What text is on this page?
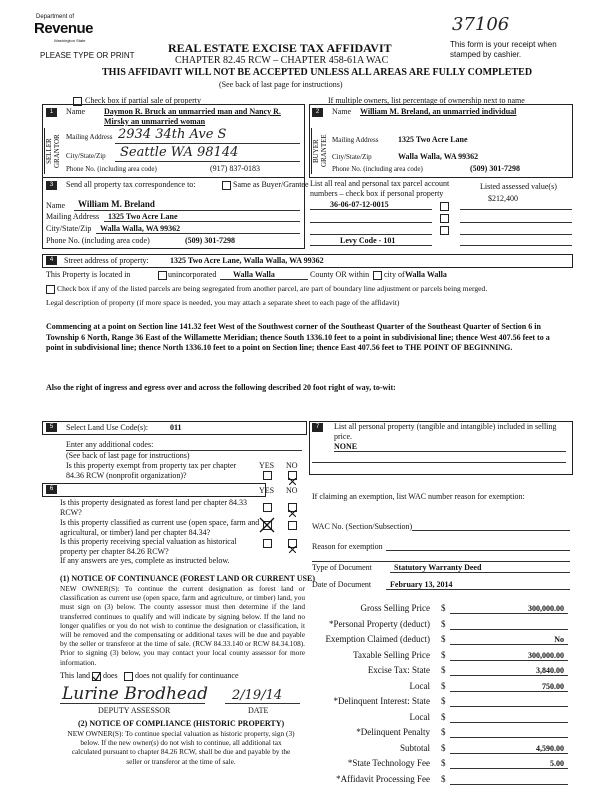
Department of
Revenue
Washington State
PLEASE TYPE OR PRINT
REAL ESTATE EXCISE TAX AFFIDAVIT
CHAPTER 82.45 RCW – CHAPTER 458-61A WAC
THIS AFFIDAVIT WILL NOT BE ACCEPTED UNLESS ALL AREAS ARE FULLY COMPLETED
(See back of last page for instructions)
This form is your receipt when stamped by cashier.
37106
Check box if partial sale of property	If multiple owners, list percentage of ownership next to name
1
SELLER GRANTOR
Name Daymon R. Bruck an unmarried man and Nancy R. Mirsky an unmarried woman
Mailing Address 2934 34th Ave S
City/State/Zip Seattle WA 98144
Phone No. (including area code)	(917) 837-0183
2
BUYER GRANTEE
Name William M. Breland, an unmarried individual
Mailing Address 1325 Two Acre Lane
City/State/Zip	Walla Walla, WA 99362
Phone No. (including area code)	(509) 301-7298
3	Send all property tax correspondence to:	Same as Buyer/Grantee
Name William M. Breland
Mailing Address 1325 Two Acre Lane
City/State/Zip Walla Walla, WA 99362
Phone No. (including area code)	(509) 301-7298
List all real and personal tax parcel account numbers – check box if personal property
Listed assessed value(s)
36-06-07-12-0015
$212,400
Levy Code - 101
4	Street address of property:	1325 Two Acre Lane, Walla Walla, WA 99362
This Property is located in	unincorporated Walla Walla	County OR within city of Walla Walla
Check box if any of the listed parcels are being segregated from another parcel, are part of boundary line adjustment or parcels being merged.
Legal description of property (if more space is needed, you may attach a separate sheet to each page of the affidavit)
Commencing at a point on Section line 141.32 feet West of the Southwest corner of the Southeast Quarter of the Southeast Quarter of Section 6 in Township 6 North, Range 36 East of the Willamette Meridian; thence South 1336.10 feet to a point in subdivisional line; thence West 407.56 feet to a point in subdivisional line; thence North 1336.10 feet to a point on Section line; thence East 407.56 feet to THE POINT OF BEGINNING.
Also the right of ingress and egress over and across the following described 20 foot right of way, to-wit:
5	Select Land Use Code(s):	011
Enter any additional codes:
(See back of last page for instructions)
Is this property exempt from property tax per chapter 84.36 RCW (nonprofit organization)?
YES NO
6	YES NO
Is this property designated as forest land per chapter 84.33 RCW?
Is this property classified as current use (open space, farm and agricultural, or timber) land per chapter 84.34?
Is this property receiving special valuation as historical property per chapter 84.26 RCW?
If any answers are yes, complete as instructed below.
(1) NOTICE OF CONTINUANCE (FOREST LAND OR CURRENT USE)
NEW OWNER(S): To continue the current designation as forest land or classification as current use (open space, farm and agriculture, or timber) land, you must sign on (3) below. The county assessor must then determine if the land transferred continues to qualify and will indicate by signing below. If the land no longer qualifies or you do not wish to continue the designation or classification, it will be removed and the compensating or additional taxes will be due and payable by the seller or transferor at the time of sale. (RCW 84.33.140 or RCW 84.34.108). Prior to signing (3) below, you may contact your local county assessor for more information.
This land does does not qualify for continuance
Lurine Brodhead 2/19/14
DEPUTY ASSESSOR	DATE
(2) NOTICE OF COMPLIANCE (HISTORIC PROPERTY)
NEW OWNER(S): To continue special valuation as historic property, sign (3) below. If the new owner(s) do not wish to continue, all additional tax calculated pursuant to chapter 84.26 RCW, shall be due and payable by the seller or transferor at the time of sale.
7	List all personal property (tangible and intangible) included in selling price.
NONE
If claiming an exemption, list WAC number reason for exemption:
WAC No. (Section/Subsection)
Reason for exemption
Type of Document	Statutory Warranty Deed
Date of Document February 13, 2014
Gross Selling Price $	300,000.00
*Personal Property (deduct) $
Exemption Claimed (deduct) $	No
Taxable Selling Price $	300,000.00
Excise Tax: State $	3,840.00
Local $	750.00
*Delinquent Interest: State $
Local $
*Delinquent Penalty $
Subtotal $	4,590.00
*State Technology Fee $	5.00
*Affidavit Processing Fee $
